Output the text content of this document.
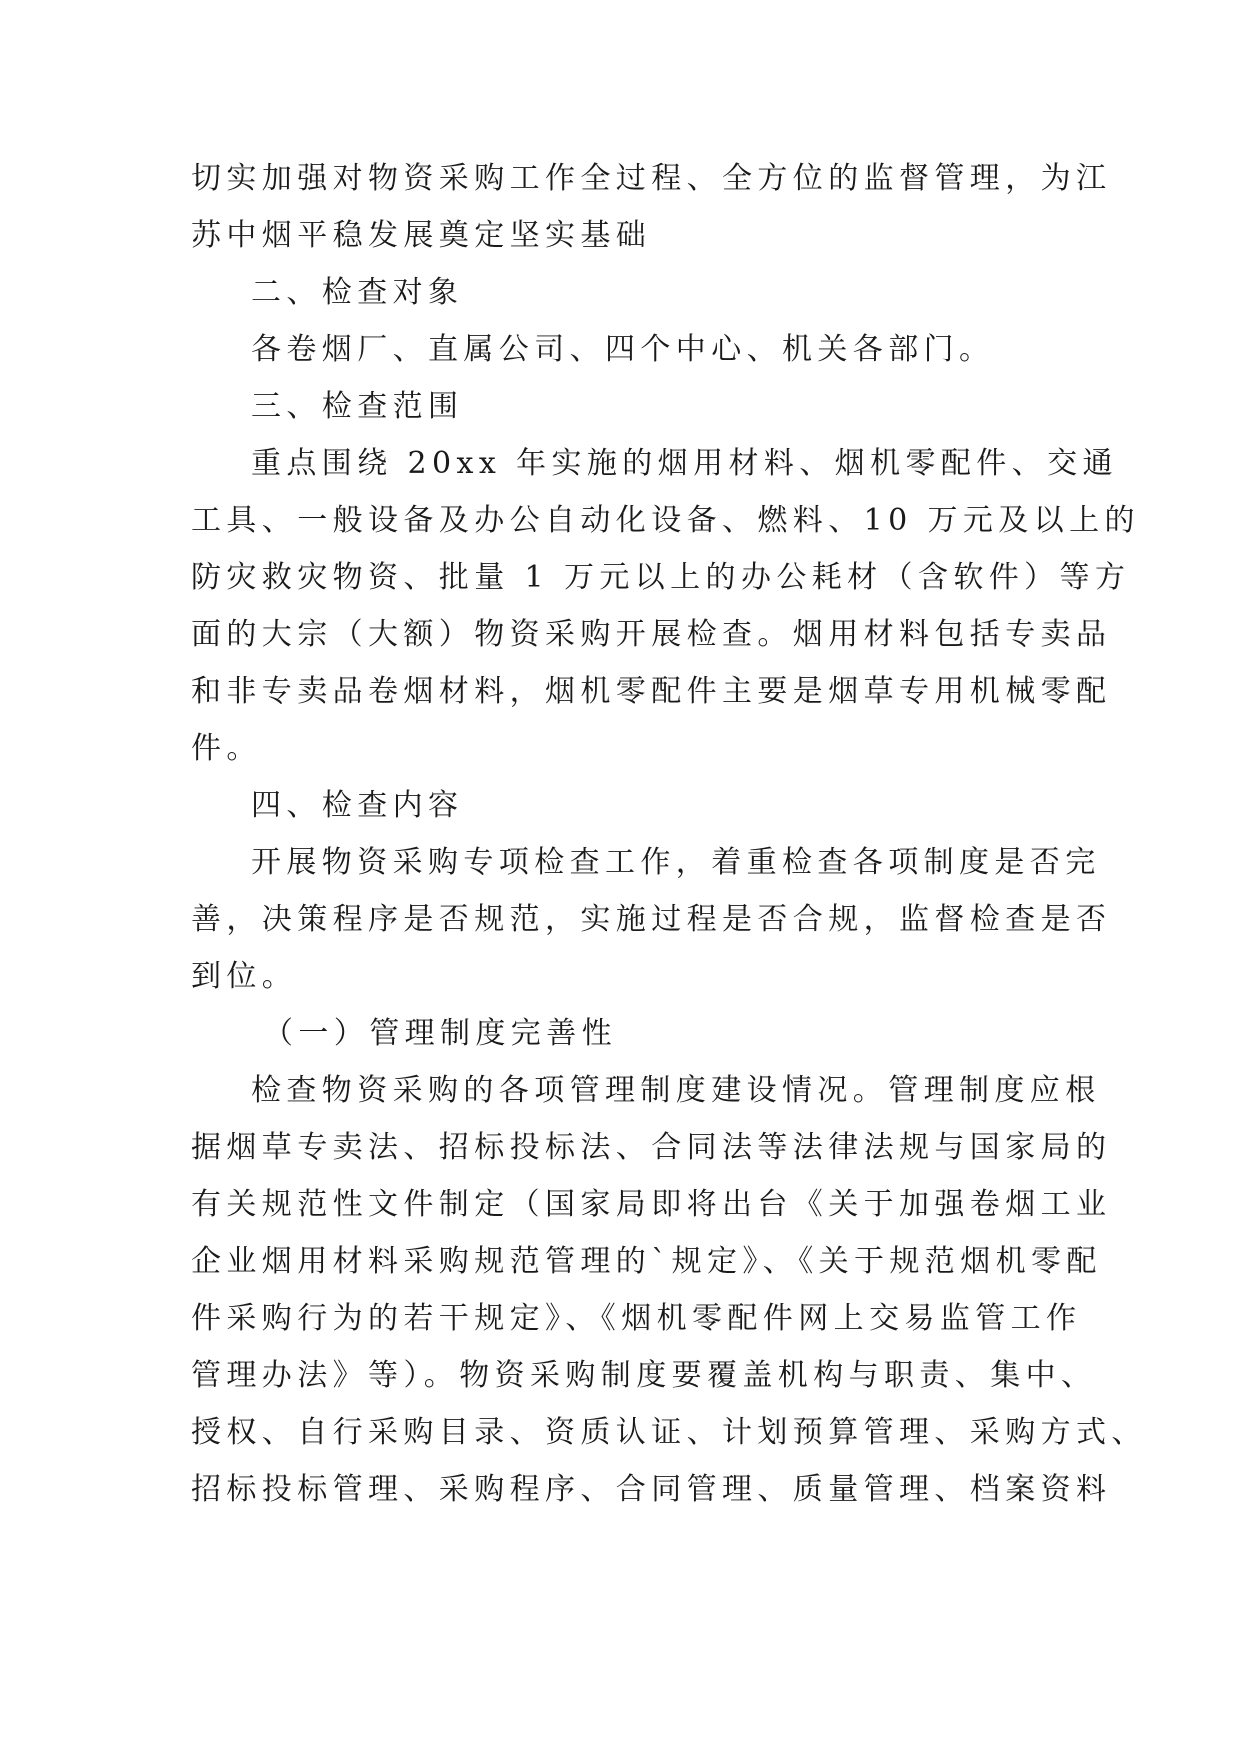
切实加强对物资采购工作全过程、全方位的监督管理，为江
苏中烟平稳发展奠定坚实基础
二、检查对象
各卷烟厂、直属公司、四个中心、机关各部门。
三、检查范围
重点围绕 20xx 年实施的烟用材料、烟机零配件、交通
工具、一般设备及办公自动化设备、燃料、10 万元及以上的
防灾救灾物资、批量 1 万元以上的办公耗材（含软件）等方
面的大宗（大额）物资采购开展检查。烟用材料包括专卖品
和非专卖品卷烟材料，烟机零配件主要是烟草专用机械零配
件。
四、检查内容
开展物资采购专项检查工作，着重检查各项制度是否完
善，决策程序是否规范，实施过程是否合规，监督检查是否
到位。
（一）管理制度完善性
检查物资采购的各项管理制度建设情况。管理制度应根
据烟草专卖法、招标投标法、合同法等法律法规与国家局的
有关规范性文件制定（国家局即将出台《关于加强卷烟工业
企业烟用材料采购规范管理的`规定》、《关于规范烟机零配
件采购行为的若干规定》、《烟机零配件网上交易监管工作
管理办法》等）。物资采购制度要覆盖机构与职责、集中、
授权、自行采购目录、资质认证、计划预算管理、采购方式、
招标投标管理、采购程序、合同管理、质量管理、档案资料
